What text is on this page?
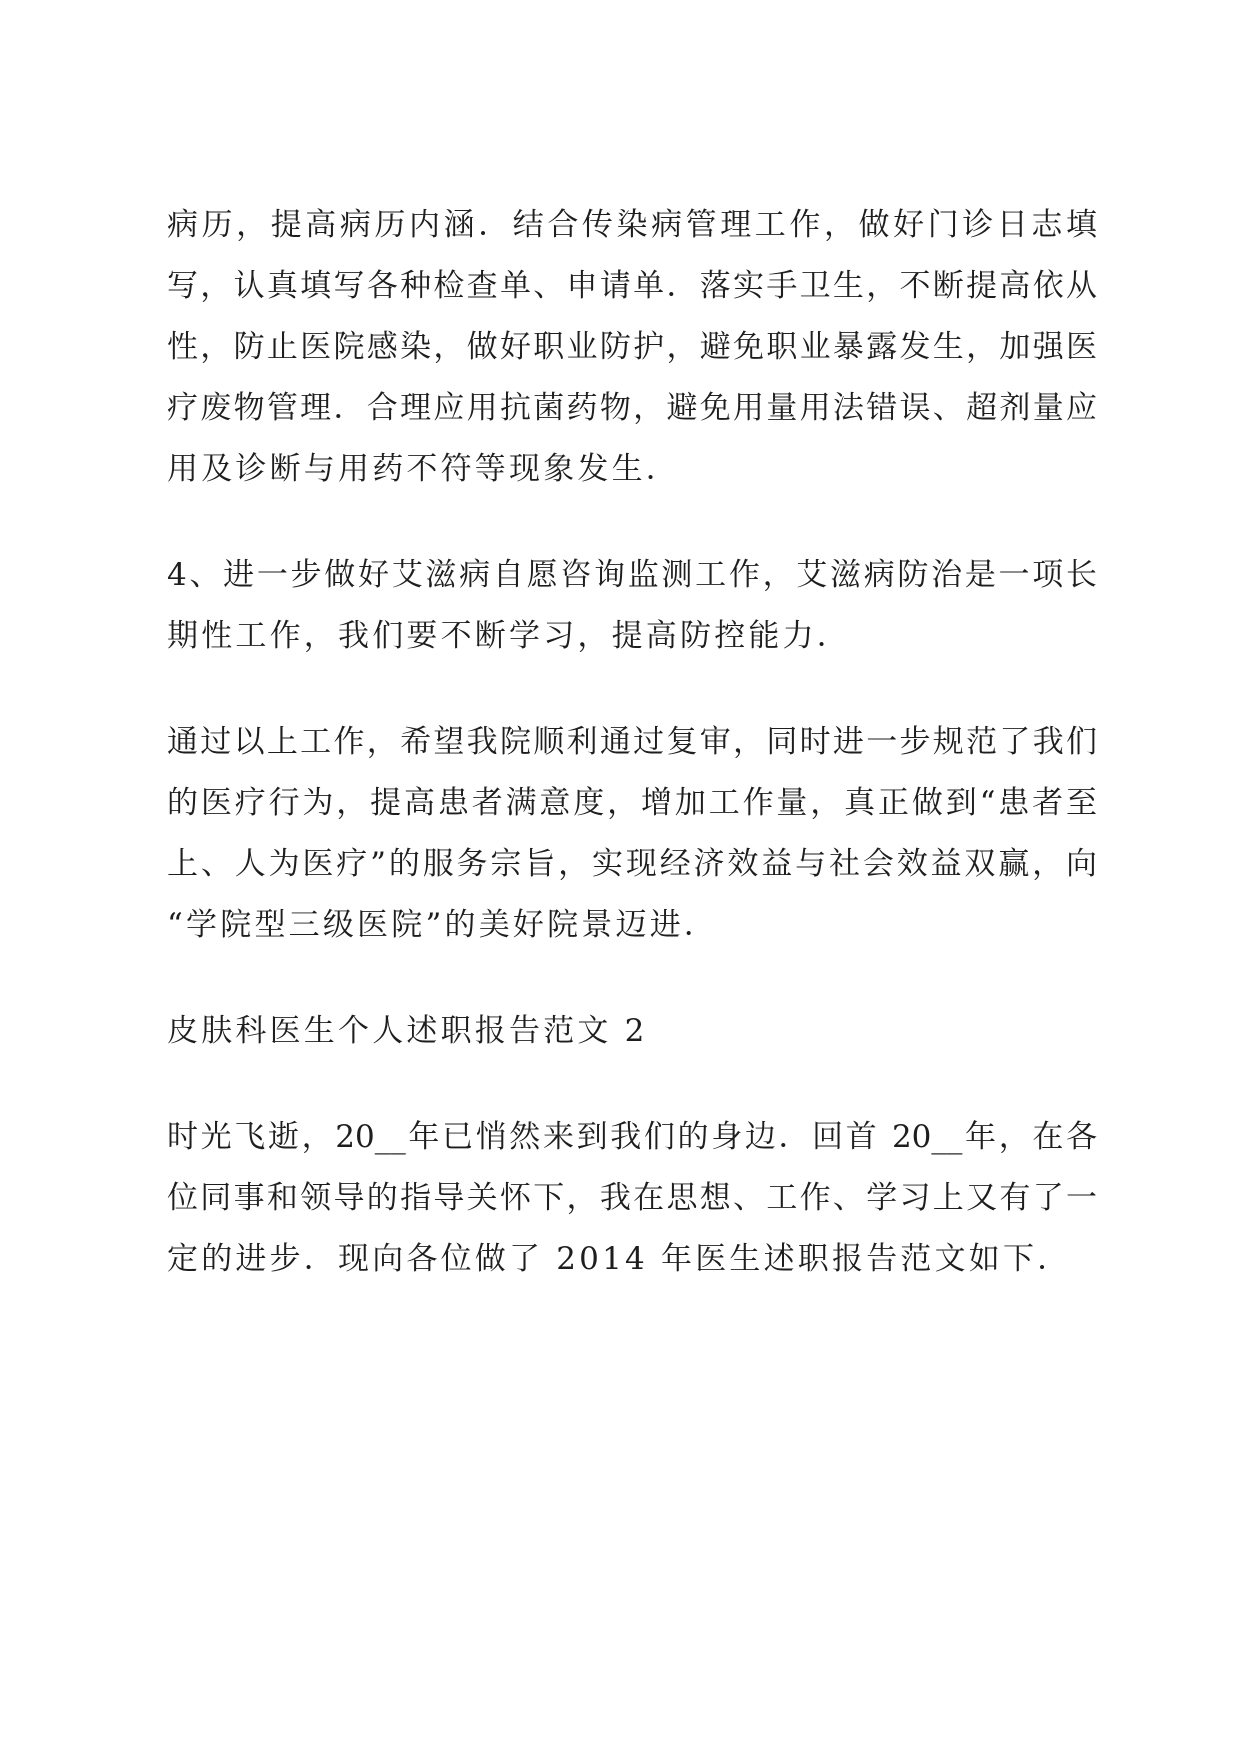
病历，提高病历内涵．结合传染病管理工作，做好门诊日志填
写，认真填写各种检查单、申请单．落实手卫生，不断提高依从
性，防止医院感染，做好职业防护，避免职业暴露发生，加强医
疗废物管理．合理应用抗菌药物，避免用量用法错误、超剂量应
用及诊断与用药不符等现象发生．
4、进一步做好艾滋病自愿咨询监测工作，艾滋病防治是一项长
期性工作，我们要不断学习，提高防控能力．
通过以上工作，希望我院顺利通过复审，同时进一步规范了我们
的医疗行为，提高患者满意度，增加工作量，真正做到“患者至
上、人为医疗”的服务宗旨，实现经济效益与社会效益双赢，向
“学院型三级医院”的美好院景迈进．
皮肤科医生个人述职报告范文 2
时光飞逝，20__年已悄然来到我们的身边．回首 20__年，在各
位同事和领导的指导关怀下，我在思想、工作、学习上又有了一
定的进步．现向各位做了 2014 年医生述职报告范文如下．
